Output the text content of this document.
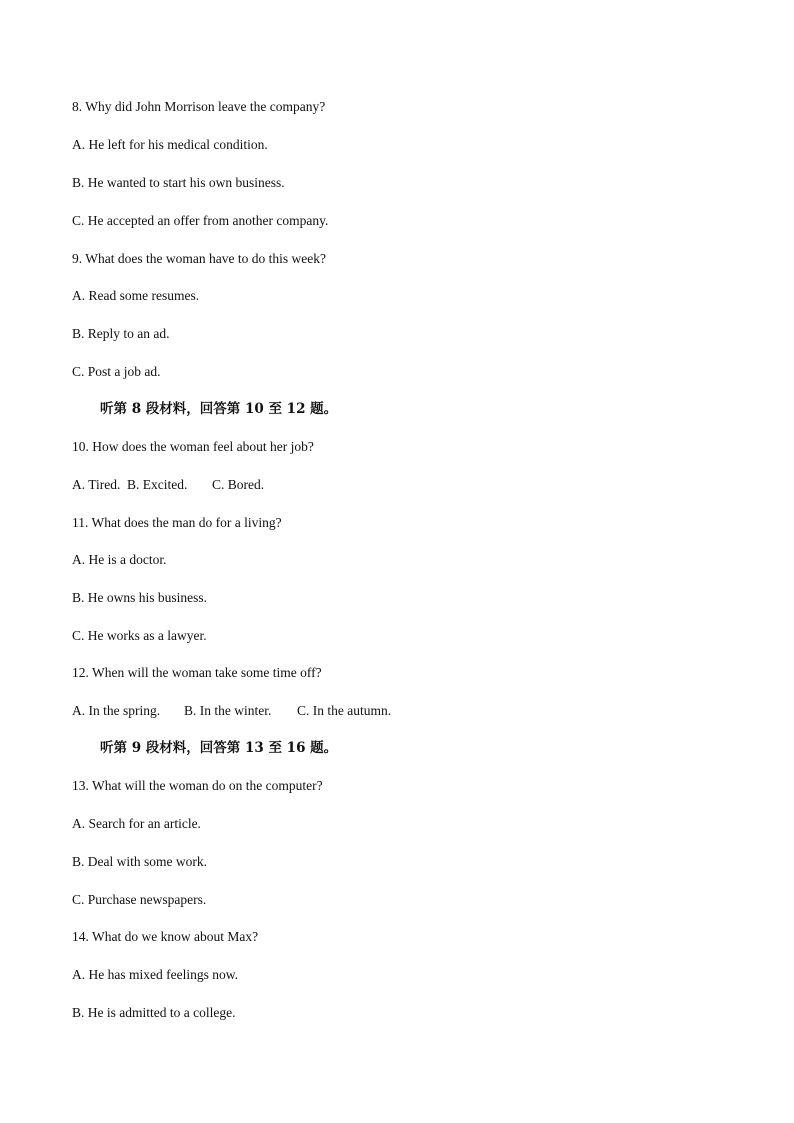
8. Why did John Morrison leave the company?
A. He left for his medical condition.
B. He wanted to start his own business.
C. He accepted an offer from another company.
9. What does the woman have to do this week?
A. Read some resumes.
B. Reply to an ad.
C. Post a job ad.
听第 8 段材料，回答第 10 至 12 题。
10. How does the woman feel about her job?

A. Tired.

B. Excited.

C. Bored.

11. What does the man do for a living?
A. He is a doctor.
B. He owns his business.
C. He works as a lawyer.
12. When will the woman take some time off?

A. In the spring.

B. In the winter.

C. In the autumn.

听第 9 段材料，回答第 13 至 16 题。
13. What will the woman do on the computer?
A. Search for an article.
B. Deal with some work.
C. Purchase newspapers.
14. What do we know about Max?
A. He has mixed feelings now.
B. He is admitted to a college.
